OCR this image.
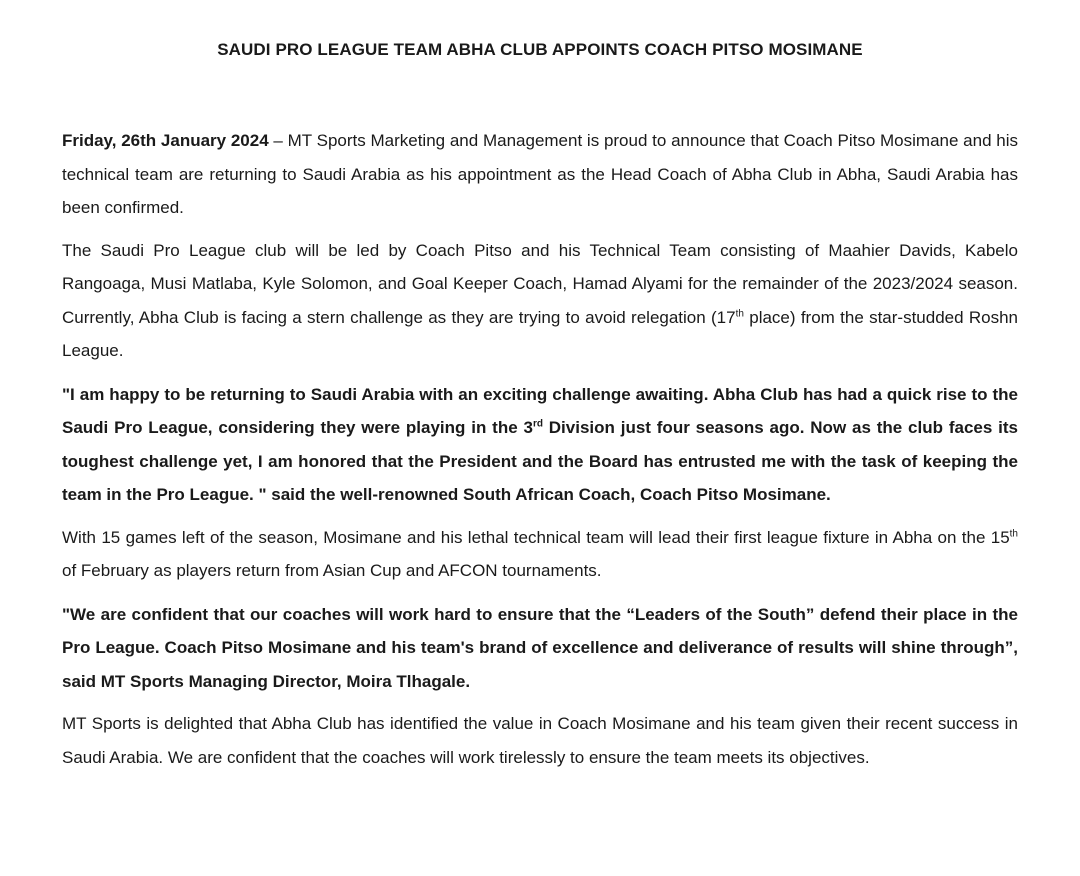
SAUDI PRO LEAGUE TEAM ABHA CLUB APPOINTS COACH PITSO MOSIMANE

Friday, 26th January 2024 – MT Sports Marketing and Management is proud to announce that Coach Pitso Mosimane and his technical team are returning to Saudi Arabia as his appointment as the Head Coach of Abha Club in Abha, Saudi Arabia has been confirmed.

The Saudi Pro League club will be led by Coach Pitso and his Technical Team consisting of Maahier Davids, Kabelo Rangoaga, Musi Matlaba, Kyle Solomon, and Goal Keeper Coach, Hamad Alyami for the remainder of the 2023/2024 season. Currently, Abha Club is facing a stern challenge as they are trying to avoid relegation (17th place) from the star-studded Roshn League.

"I am happy to be returning to Saudi Arabia with an exciting challenge awaiting. Abha Club has had a quick rise to the Saudi Pro League, considering they were playing in the 3rd Division just four seasons ago. Now as the club faces its toughest challenge yet, I am honored that the President and the Board has entrusted me with the task of keeping the team in the Pro League. " said the well-renowned South African Coach, Coach Pitso Mosimane.

With 15 games left of the season, Mosimane and his lethal technical team will lead their first league fixture in Abha on the 15th of February as players return from Asian Cup and AFCON tournaments.

"We are confident that our coaches will work hard to ensure that the “Leaders of the South” defend their place in the Pro League. Coach Pitso Mosimane and his team's brand of excellence and deliverance of results will shine through”, said MT Sports Managing Director, Moira Tlhagale.

MT Sports is delighted that Abha Club has identified the value in Coach Mosimane and his team given their recent success in Saudi Arabia. We are confident that the coaches will work tirelessly to ensure the team meets its objectives.
